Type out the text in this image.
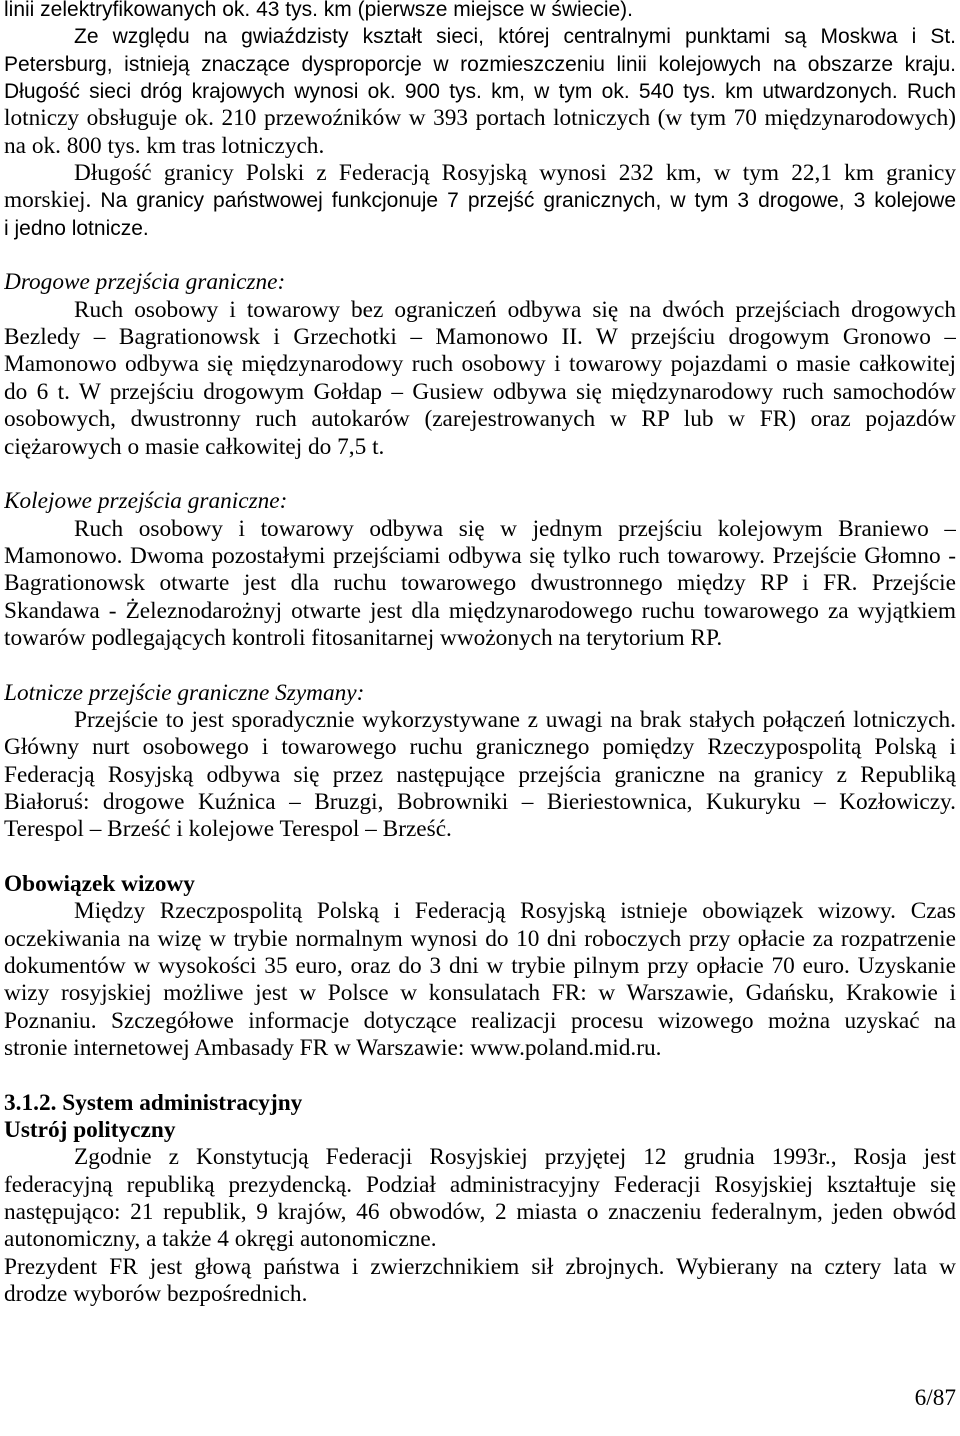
linii zelektryfikowanych ok. 43 tys. km (pierwsze miejsce w świecie).
Ze względu na gwiaździsty kształt sieci, której centralnymi punktami są Moskwa i St.
Petersburg, istnieją znaczące dysproporcje w rozmieszczeniu linii kolejowych na obszarze kraju.
Długość sieci dróg krajowych wynosi ok. 900 tys. km, w tym ok. 540 tys. km utwardzonych. Ruch
lotniczy obsługuje ok. 210 przewoźników w 393 portach lotniczych (w tym 70 międzynarodowych)
na ok. 800 tys. km tras lotniczych.
Długość granicy Polski z Federacją Rosyjską wynosi 232 km, w tym 22,1 km granicy
morskiej. Na granicy państwowej funkcjonuje 7 przejść granicznych, w tym 3 drogowe, 3 kolejowe
i jedno lotnicze.
Drogowe przejścia graniczne:
Ruch osobowy i towarowy bez ograniczeń odbywa się na dwóch przejściach drogowych
Bezledy – Bagrationowsk i Grzechotki – Mamonowo II. W przejściu drogowym Gronowo –
Mamonowo odbywa się międzynarodowy ruch osobowy i towarowy pojazdami o masie całkowitej
do 6 t. W przejściu drogowym Gołdap – Gusiew odbywa się międzynarodowy ruch samochodów
osobowych, dwustronny ruch autokarów (zarejestrowanych w RP lub w FR) oraz pojazdów
ciężarowych o masie całkowitej do 7,5 t.
Kolejowe przejścia graniczne:
Ruch osobowy i towarowy odbywa się w jednym przejściu kolejowym Braniewo –
Mamonowo. Dwoma pozostałymi przejściami odbywa się tylko ruch towarowy. Przejście Głomno -
Bagrationowsk otwarte jest dla ruchu towarowego dwustronnego między RP i FR. Przejście
Skandawa - Żeleznodarożnyj otwarte jest dla międzynarodowego ruchu towarowego za wyjątkiem
towarów podlegających kontroli fitosanitarnej wwożonych na terytorium RP.
Lotnicze przejście graniczne Szymany:
Przejście to jest sporadycznie wykorzystywane z uwagi na brak stałych połączeń lotniczych.
Główny nurt osobowego i towarowego ruchu granicznego pomiędzy Rzeczypospolitą Polską i
Federacją Rosyjską odbywa się przez następujące przejścia graniczne na granicy z Republiką
Białoruś: drogowe Kuźnica – Bruzgi, Bobrowniki – Bieriestownica, Kukuryku – Kozłowiczy.
Terespol – Brześć i kolejowe Terespol – Brześć.
Obowiązek wizowy
Między Rzeczpospolitą Polską i Federacją Rosyjską istnieje obowiązek wizowy. Czas
oczekiwania na wizę w trybie normalnym wynosi do 10 dni roboczych przy opłacie za rozpatrzenie
dokumentów w wysokości 35 euro, oraz do 3 dni w trybie pilnym przy opłacie 70 euro. Uzyskanie
wizy rosyjskiej możliwe jest w Polsce w konsulatach FR: w Warszawie, Gdańsku, Krakowie i
Poznaniu. Szczegółowe informacje dotyczące realizacji procesu wizowego można uzyskać na
stronie internetowej Ambasady FR w Warszawie: www.poland.mid.ru.
3.1.2. System administracyjny
Ustrój polityczny
Zgodnie z Konstytucją Federacji Rosyjskiej przyjętej 12 grudnia 1993r., Rosja jest
federacyjną republiką prezydencką. Podział administracyjny Federacji Rosyjskiej kształtuje się
następująco: 21 republik, 9 krajów, 46 obwodów, 2 miasta o znaczeniu federalnym, jeden obwód
autonomiczny, a także 4 okręgi autonomiczne.
Prezydent FR jest głową państwa i zwierzchnikiem sił zbrojnych. Wybierany na cztery lata w
drodze wyborów bezpośrednich.
6/87
